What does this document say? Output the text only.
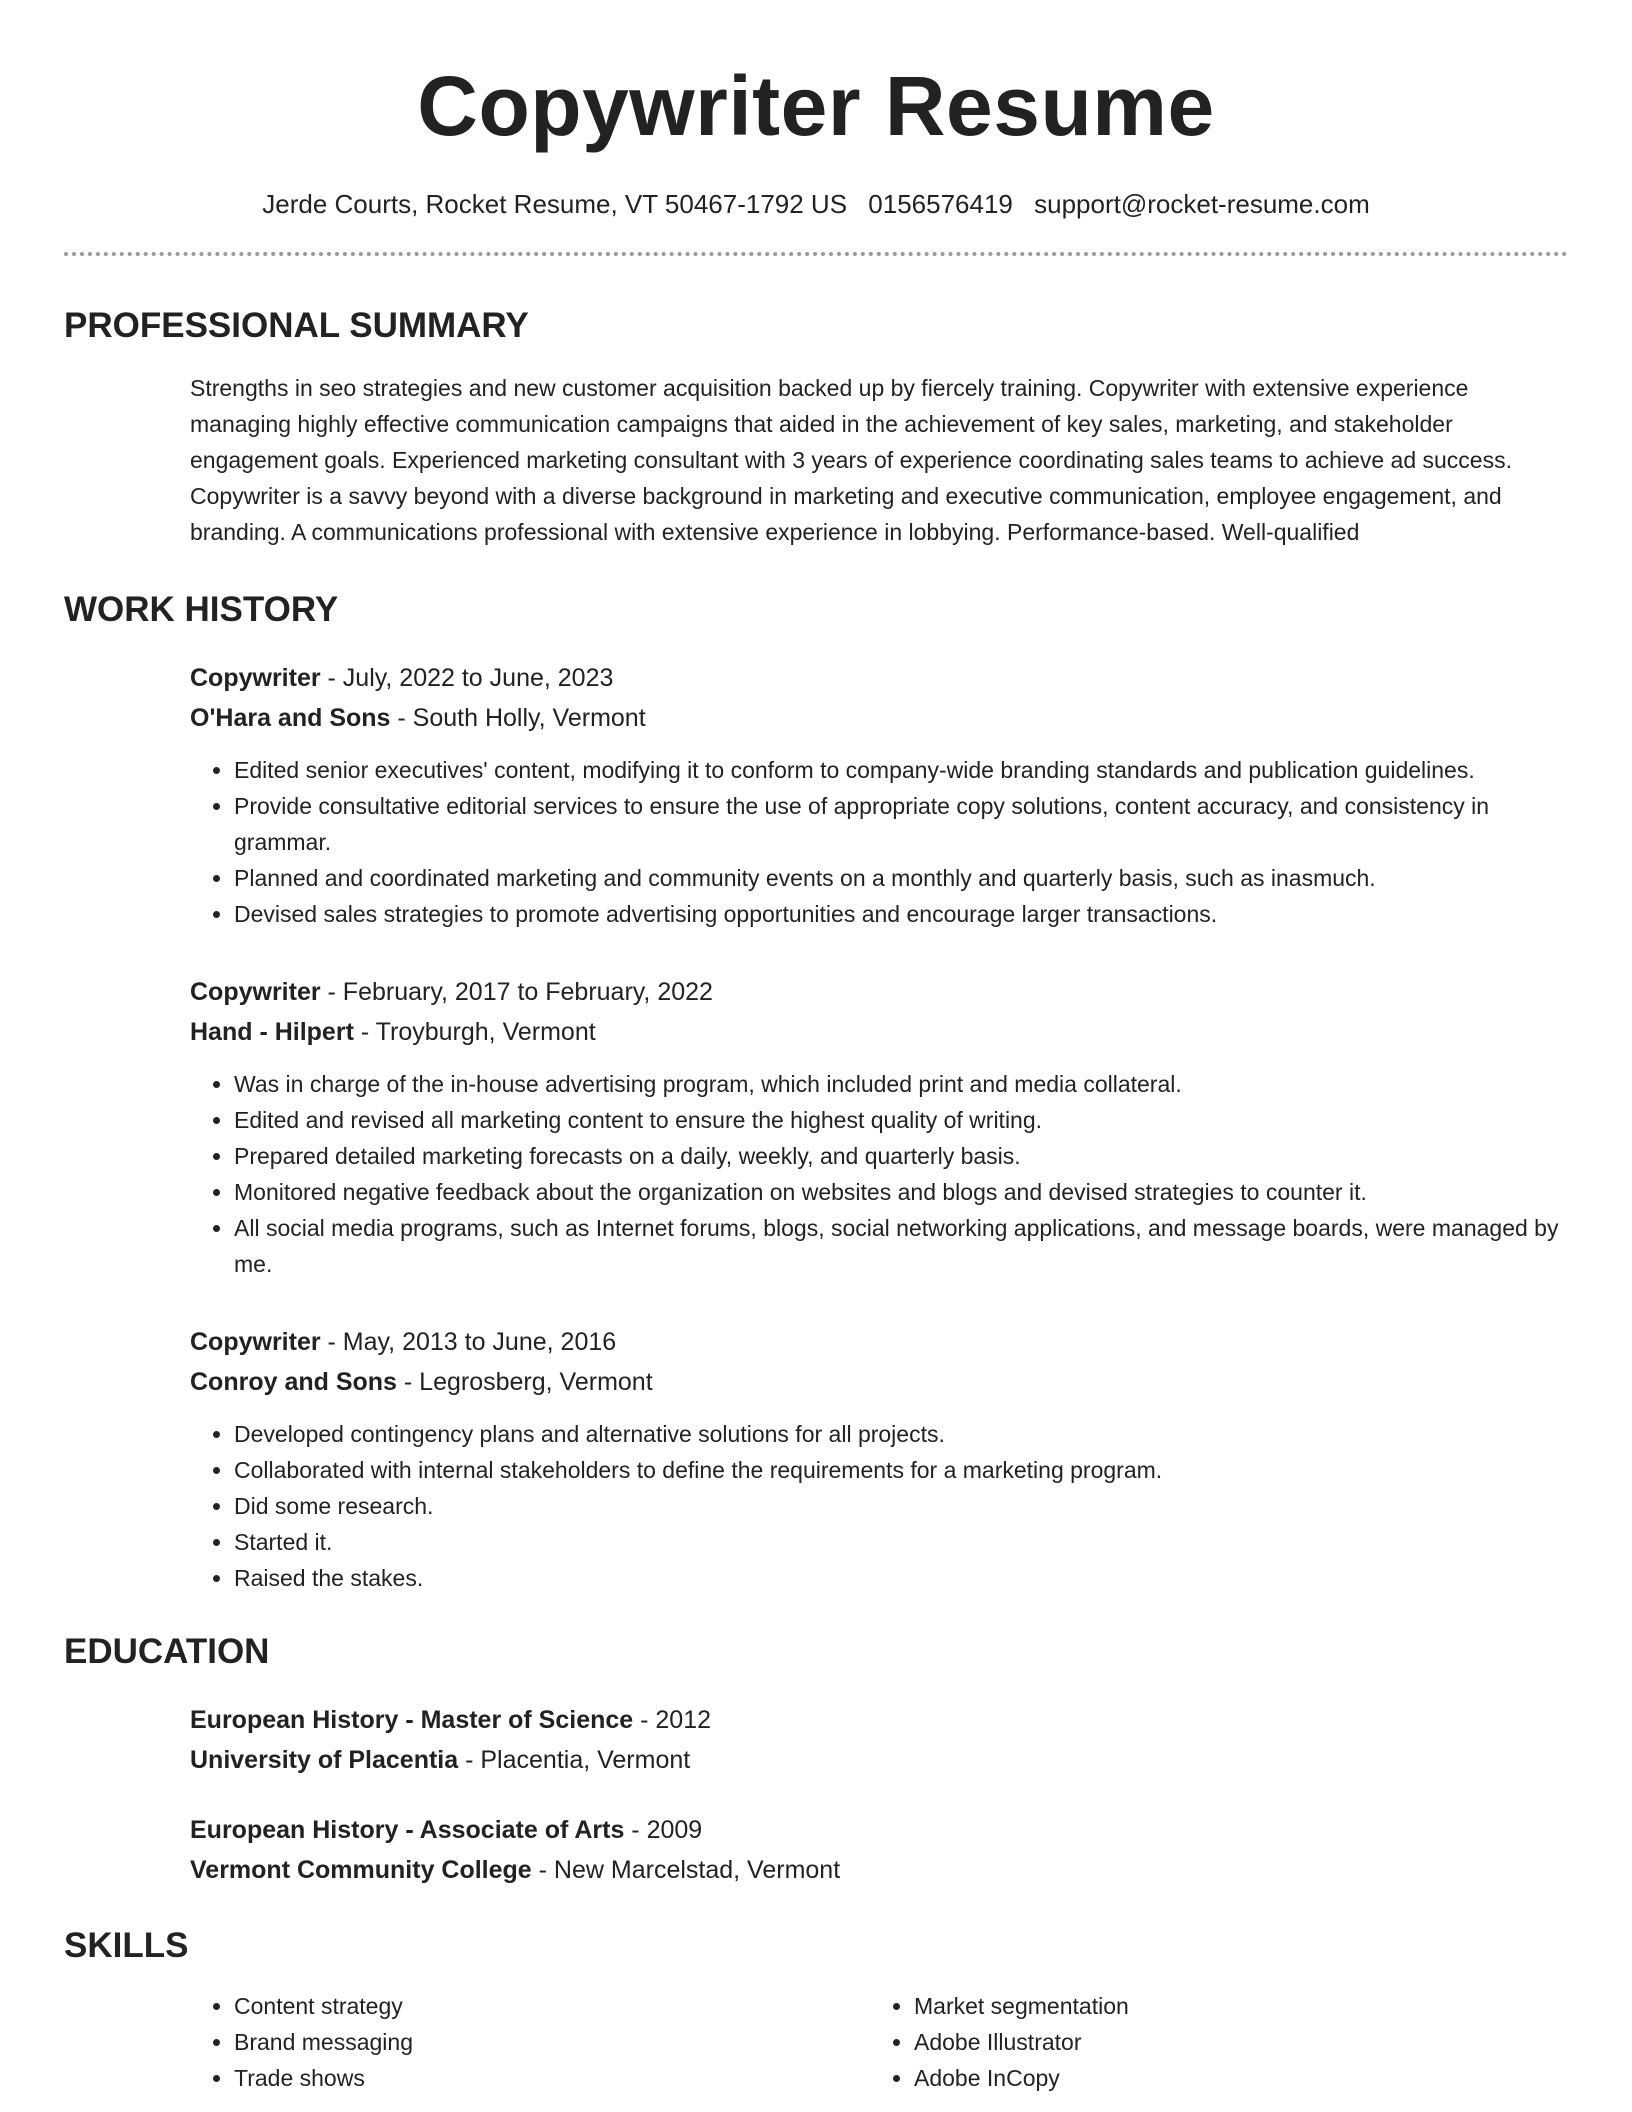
Copywriter Resume
Jerde Courts, Rocket Resume, VT 50467-1792 US 0156576419 support@rocket-resume.com
PROFESSIONAL SUMMARY

Strengths in seo strategies and new customer acquisition backed up by fiercely training. Copywriter with extensive experience managing highly effective communication campaigns that aided in the achievement of key sales, marketing, and stakeholder engagement goals. Experienced marketing consultant with 3 years of experience coordinating sales teams to achieve ad success. Copywriter is a savvy beyond with a diverse background in marketing and executive communication, employee engagement, and branding. A communications professional with extensive experience in lobbying. Performance-based. Well-qualified

WORK HISTORY
Copywriter - July, 2022 to June, 2023
O'Hara and Sons - South Holly, Vermont
• Edited senior executives' content, modifying it to conform to company-wide branding standards and publication guidelines.
• Provide consultative editorial services to ensure the use of appropriate copy solutions, content accuracy, and consistency in grammar.
• Planned and coordinated marketing and community events on a monthly and quarterly basis, such as inasmuch.
• Devised sales strategies to promote advertising opportunities and encourage larger transactions.
Copywriter - February, 2017 to February, 2022
Hand - Hilpert - Troyburgh, Vermont
• Was in charge of the in-house advertising program, which included print and media collateral.
• Edited and revised all marketing content to ensure the highest quality of writing.
• Prepared detailed marketing forecasts on a daily, weekly, and quarterly basis.
• Monitored negative feedback about the organization on websites and blogs and devised strategies to counter it.
• All social media programs, such as Internet forums, blogs, social networking applications, and message boards, were managed by me.
Copywriter - May, 2013 to June, 2016
Conroy and Sons - Legrosberg, Vermont
• Developed contingency plans and alternative solutions for all projects.
• Collaborated with internal stakeholders to define the requirements for a marketing program.
• Did some research.
• Started it.
• Raised the stakes.
EDUCATION
European History - Master of Science - 2012
University of Placentia - Placentia, Vermont
European History - Associate of Arts - 2009
Vermont Community College - New Marcelstad, Vermont
SKILLS
• Content strategy
• Brand messaging
• Trade shows
• Market segmentation
• Adobe Illustrator
• Adobe InCopy
